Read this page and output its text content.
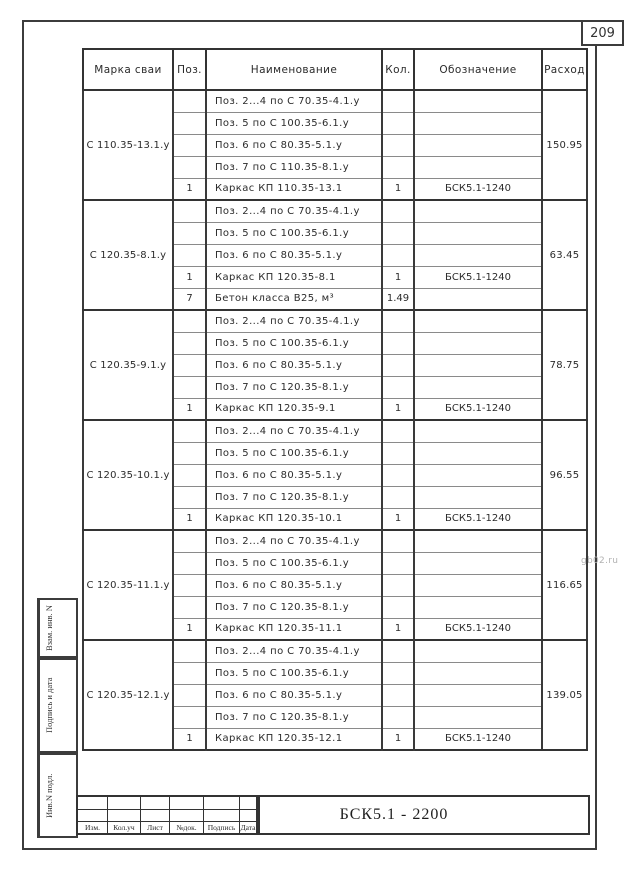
209
gb02.ru
Марка сваи	Поз.	Наименование	Кол.	Обозначение	Расход
С 110.35-13.1.у		Поз. 2...4 по С 70.35-4.1.у			150.95
		Поз. 5 по С 100.35-6.1.у			
		Поз. 6 по С 80.35-5.1.у			
		Поз. 7 по С 110.35-8.1.у			
	1	Каркас КП 110.35-13.1	1	БСК5.1-1240	
С 120.35-8.1.у		Поз. 2...4 по С 70.35-4.1.у			63.45
		Поз. 5 по С 100.35-6.1.у			
		Поз. 6 по С 80.35-5.1.у			
	1	Каркас КП 120.35-8.1	1	БСК5.1-1240	
	7	Бетон класса В25, м³	1.49		
С 120.35-9.1.у		Поз. 2...4 по С 70.35-4.1.у			78.75
		Поз. 5 по С 100.35-6.1.у			
		Поз. 6 по С 80.35-5.1.у			
		Поз. 7 по С 120.35-8.1.у			
	1	Каркас КП 120.35-9.1	1	БСК5.1-1240	
С 120.35-10.1.у		Поз. 2...4 по С 70.35-4.1.у			96.55
		Поз. 5 по С 100.35-6.1.у			
		Поз. 6 по С 80.35-5.1.у			
		Поз. 7 по С 120.35-8.1.у			
	1	Каркас КП 120.35-10.1	1	БСК5.1-1240	
С 120.35-11.1.у		Поз. 2...4 по С 70.35-4.1.у			116.65
		Поз. 5 по С 100.35-6.1.у			
		Поз. 6 по С 80.35-5.1.у			
		Поз. 7 по С 120.35-8.1.у			
	1	Каркас КП 120.35-11.1	1	БСК5.1-1240	
С 120.35-12.1.у		Поз. 2...4 по С 70.35-4.1.у			139.05
		Поз. 5 по С 100.35-6.1.у			
		Поз. 6 по С 80.35-5.1.у			
		Поз. 7 по С 120.35-8.1.у			
	1	Каркас КП 120.35-12.1	1	БСК5.1-1240	
Взам. инв. N
Подпись и дата
Инв.N подл.
Изм.	Кол.уч	Лист	№док.	Подпись Дата
БСК5.1 - 2200
